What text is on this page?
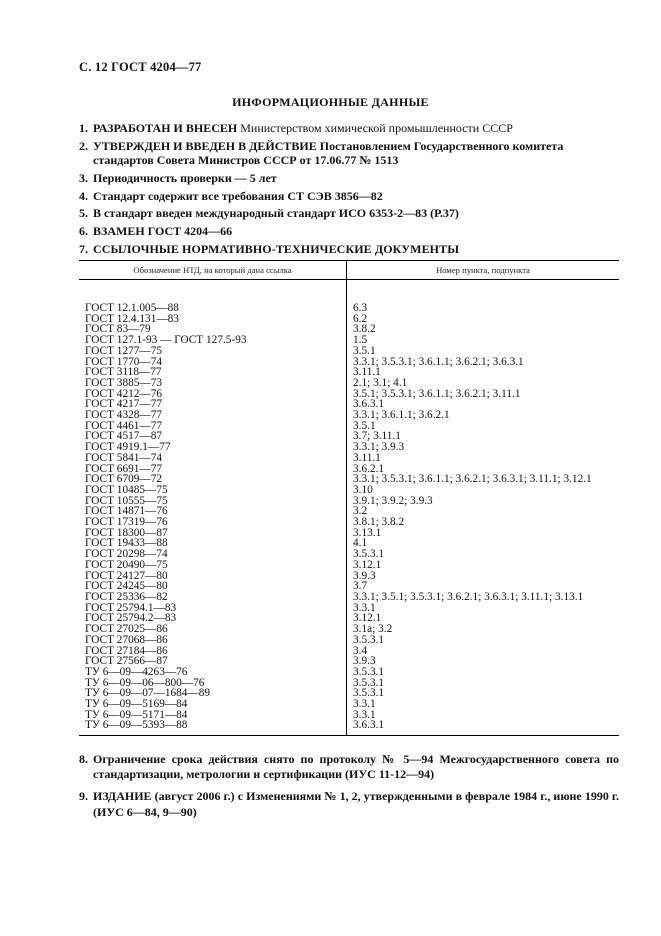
С. 12 ГОСТ 4204—77
ИНФОРМАЦИОННЫЕ ДАННЫЕ
1. РАЗРАБОТАН И ВНЕСЕН Министерством химической промышленности СССР
2. УТВЕРЖДЕН И ВВЕДЕН В ДЕЙСТВИЕ Постановлением Государственного комитета стандартов Совета Министров СССР от 17.06.77 № 1513
3. Периодичность проверки — 5 лет
4. Стандарт содержит все требования СТ СЭВ 3856—82
5. В стандарт введен международный стандарт ИСО 6353-2—83 (Р.37)
6. ВЗАМЕН ГОСТ 4204—66
7. ССЫЛОЧНЫЕ НОРМАТИВНО-ТЕХНИЧЕСКИЕ ДОКУМЕНТЫ
Обозначение НТД, на который дана ссылка	Номер пункта, подпункта
ГОСТ 12.1.005—88	6.3
ГОСТ 12.4.131—83	6.2
ГОСТ 83—79	3.8.2
ГОСТ 127.1-93 — ГОСТ 127.5-93	1.5
ГОСТ 1277—75	3.5.1
ГОСТ 1770—74	3.3.1; 3.5.3.1; 3.6.1.1; 3.6.2.1; 3.6.3.1
ГОСТ 3118—77	3.11.1
ГОСТ 3885—73	2.1; 3.1; 4.1
ГОСТ 4212—76	3.5.1; 3.5.3.1; 3.6.1.1; 3.6.2.1; 3.11.1
ГОСТ 4217—77	3.6.3.1
ГОСТ 4328—77	3.3.1; 3.6.1.1; 3.6.2.1
ГОСТ 4461—77	3.5.1
ГОСТ 4517—87	3.7; 3.11.1
ГОСТ 4919.1—77	3.3.1; 3.9.3
ГОСТ 5841—74	3.11.1
ГОСТ 6691—77	3.6.2.1
ГОСТ 6709—72	3.3.1; 3.5.3.1; 3.6.1.1; 3.6.2.1; 3.6.3.1; 3.11.1; 3.12.1
ГОСТ 10485—75	3.10
ГОСТ 10555—75	3.9.1; 3.9.2; 3.9.3
ГОСТ 14871—76	3.2
ГОСТ 17319—76	3.8.1; 3.8.2
ГОСТ 18300—87	3.13.1
ГОСТ 19433—88	4.1
ГОСТ 20298—74	3.5.3.1
ГОСТ 20490—75	3.12.1
ГОСТ 24127—80	3.9.3
ГОСТ 24245—80	3.7
ГОСТ 25336—82	3.3.1; 3.5.1; 3.5.3.1; 3.6.2.1; 3.6.3.1; 3.11.1; 3.13.1
ГОСТ 25794.1—83	3.3.1
ГОСТ 25794.2—83	3.12.1
ГОСТ 27025—86	3.1а; 3.2
ГОСТ 27068—86	3.5.3.1
ГОСТ 27184—86	3.4
ГОСТ 27566—87	3.9.3
ТУ 6—09—4263—76	3.5.3.1
ТУ 6—09—06—800—76	3.5.3.1
ТУ 6—09—07—1684—89	3.5.3.1
ТУ 6—09—5169—84	3.3.1
ТУ 6—09—5171—84	3.3.1
ТУ 6—09—5393—88	3.6.3.1
8. Ограничение срока действия снято по протоколу № 5—94 Межгосударственного совета по стандартизации, метрологии и сертификации (ИУС 11-12—94)
9. ИЗДАНИЕ (август 2006 г.) с Изменениями № 1, 2, утвержденными в феврале 1984 г., июне 1990 г. (ИУС 6—84, 9—90)
